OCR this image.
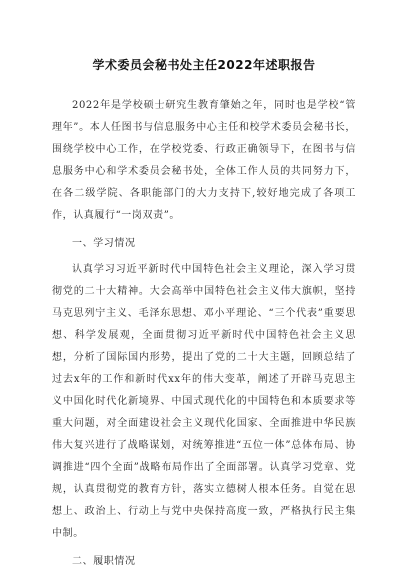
学术委员会秘书处主任2022年述职报告

2022年是学校硕士研究生教育肇始之年，同时也是学校“管理年”。本人任图书与信息服务中心主任和校学术委员会秘书长，围绕学校中心工作，在学校党委、行政正确领导下，在图书与信息服务中心和学术委员会秘书处，全体工作人员的共同努力下，在各二级学院、各职能部门的大力支持下,较好地完成了各项工作，认真履行“一岗双责”。

一、学习情况

认真学习习近平新时代中国特色社会主义理论，深入学习贯彻党的二十大精神。大会高举中国特色社会主义伟大旗帜，坚持马克思列宁主义、毛泽东思想、邓小平理论、“三个代表”重要思想、科学发展观，全面贯彻习近平新时代中国特色社会主义思想，分析了国际国内形势，提出了党的二十大主题，回顾总结了过去x年的工作和新时代xx年的伟大变革，阐述了开辟马克思主义中国化时代化新境界、中国式现代化的中国特色和本质要求等重大问题，对全面建设社会主义现代化国家、全面推进中华民族伟大复兴进行了战略谋划，对统筹推进“五位一体”总体布局、协调推进“四个全面”战略布局作出了全面部署。认真学习党章、党规，认真贯彻党的教育方针，落实立德树人根本任务。自觉在思想上、政治上、行动上与党中央保持高度一致，严格执行民主集中制。

二、履职情况
